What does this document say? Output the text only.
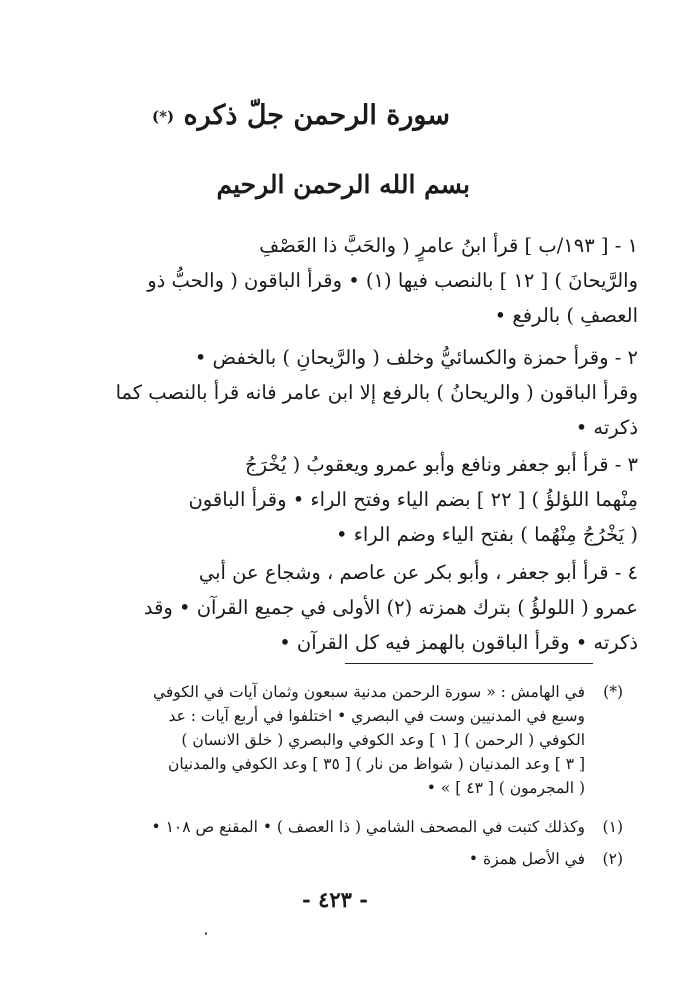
سورة الرحمن جلّ ذكره (*)
بسم الله الرحمن الرحيم
١ - [ ١٩٣/ب ] قرأ ابنُ عامرٍ ( والحَبَّ ذا العَصْفِ
والرَّيحانَ ) [ ١٢ ] بالنصب فيها (١) • وقرأ الباقون ( والحبُّ ذو
العصفِ ) بالرفع •
٢ - وقرأ حمزة والكسائيُّ وخلف ( والرَّيحانِ ) بالخفض •
وقرأ الباقون ( والريحانُ ) بالرفع إلا ابن عامر فانه قرأ بالنصب كما
ذكرته •
٣ - قرأ أبو جعفر ونافع وأبو عمرو ويعقوبُ ( يُخْرَجُ
مِنْهما اللؤلؤُ ) [ ٢٢ ] بضم الياء وفتح الراء • وقرأ الباقون
( يَخْرُجُ مِنْهُما ) بفتح الياء وضم الراء •
٤ - قرأ أبو جعفر ، وأبو بكر عن عاصم ، وشجاع عن أبي
عمرو ( اللولؤُ ) بترك همزته (٢) الأولى في جميع القرآن • وقد
ذكرته • وقرأ الباقون بالهمز فيه كل القرآن •
(*)في الهامش : « سورة الرحمن مدنية سبعون وثمان آيات في الكوفي
وسبع في المدنيين وست في البصري • اختلفوا في أربع آيات : عد
الكوفي ( الرحمن ) [ ١ ] وعد الكوفي والبصري ( خلق الانسان )
[ ٣ ] وعد المدنيان ( شواظ من نار ) [ ٣٥ ] وعد الكوفي والمدنيان
( المجرمون ) [ ٤٣ ] » •
(١)وكذلك كتبت في المصحف الشامي ( ذا العصف ) • المقنع ص ١٠٨ •
(٢)في الأصل همزة •
- ٤٢٣ -
